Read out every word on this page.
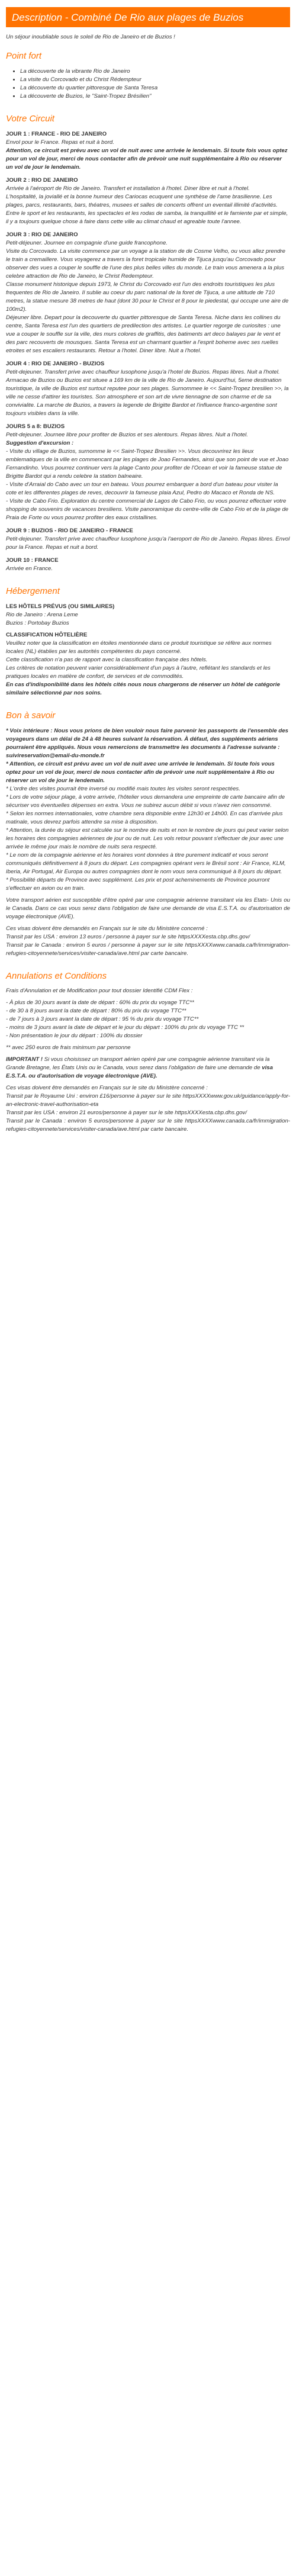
Description - Combiné De Rio aux plages de Buzios

Un séjour inoubliable sous le soleil de Rio de Janeiro et de Buzios !

Point fort
• La découverte de la vibrante Rio de Janeiro
• La visite du Corcovado et du Christ Rédempteur
• La découverte du quartier pittoresque de Santa Teresa
• La découverte de Buzios, le "Saint-Tropez Brésilien"
Votre Circuit

JOUR 1 : FRANCE - RIO DE JANEIRO

Envol pour le France. Repas et nuit à bord.

Attention, ce circuit est prévu avec un vol de nuit avec une arrivée le lendemain. Si toute fois vous optez pour un vol de jour, merci de nous contacter afin de prévoir une nuit supplémentaire à Rio ou réserver un vol de jour le lendemain.

JOUR 2 : RIO DE JANEIRO

Arrivée à l'aéroport de Rio de Janeiro. Transfert et installation à l'hotel. Diner libre et nuit à l'hotel.

L'hospitalité, la joviallé et la bonne humeur des Cariocas ecuquent une synthèse de l'ame brasilienne. Les plages, parcs, restaurants, bars, théatres, musees et salles de concerts offrent un eventail illimité d'activités. Entre le sport et les restaurants, les spectacles et les rodas de samba, la tranquillité et le farniente par et simple, il y a toujours quelque chose à faire dans cette ville au climat chaud et agreable toute l'annee.

JOUR 3 : RIO DE JANEIRO

Petit-déjeuner. Journee en compagnie d'une guide francophone.

Visite du Corcovado. La visite commence par un voyage a la station de de Cosme Velho, ou vous allez prendre le train a cremaillere. Vous voyagerez a travers la foret tropicale humide de Tijuca jusqu'au Corcovado pour observer des vues a couper le souffle de l'une des plus belles villes du monde. Le train vous amenera a la plus celebre attraction de Rio de Janeiro, le Christ Redempteur.

Classe monument historique depuis 1973, le Christ du Corcovado est l'un des endroits touristiques les plus frequentes de Rio de Janeiro. Il sublie au coeur du parc national de la foret de Tijuca, a une altitude de 710 metres, la statue mesure 38 metres de haut (dont 30 pour le Christ et 8 pour le piedestal, qui occupe une aire de 100m2).

Déjeuner libre. Depart pour la decouverte du quartier pittoresque de Santa Teresa. Niche dans les collines du centre, Santa Teresa est l'un des quartiers de predilection des artistes. Le quartier regorge de curiosites : une vue a couper le souffle sur la ville, des murs colores de graffitis, des batiments art deco balayes par le vent et des parc recouverts de mousques. Santa Teresa est un charmant quartier a l'esprit boheme avec ses ruelles etroites et ses escaliers restaurants. Retour a l'hotel. Diner libre. Nuit a l'hotel.

JOUR 4 : RIO DE JANEIRO - BUZIOS

Petit-dejeuner. Transfert prive avec chauffeur lusophone jusqu'a l'hotel de Buzios. Repas libres. Nuit a l'hotel.

Armacao de Buzios ou Buzios est situee a 169 km de la ville de Rio de Janeiro. Aujourd'hui, 5eme destination touristique, la ville de Buzios est surtout reputee pour ses plages. Surnommee le << Saint-Tropez bresilien >>, la ville ne cesse d'attirer les touristes. Son atmosphere et son art de vivre tiennagne de son charme et de sa convivialite. La marche de Buzios, a travers la legende de Brigitte Bardot et l'influence franco-argentine sont toujours visibles dans la ville.

JOURS 5 a 8: BUZIOS

Petit-dejeuner. Journee libre pour profiter de Buzios et ses alentours. Repas libres. Nuit a l'hotel.

Suggestion d'excursion :

- Visite du village de Buzios, surnomme le << Saint-Tropez Bresilien >>. Vous decouvrirez les lieux emblematiques de la ville en commencant par les plages de Joao Fernandes, ainsi que son point de vue et Joao Fernandinho. Vous pourrez continuer vers la plage Canto pour profiter de l'Ocean et voir la fameuse statue de Brigitte Bardot qui a rendu celebre la station balneaire.

- Visite d'Arraial do Cabo avec un tour en bateau. Vous pourrez embarquer a bord d'un bateau pour visiter la cote et les differentes plages de reves, decouvrir la fameuse plaia Azul, Pedro do Macaco et Ronda de NS.

- Visite de Cabo Frio. Exploration du centre commercial de Lagos de Cabo Frio, ou vous pourrez effectuer votre shopping de souvenirs de vacances bresiliens. Visite panoramique du centre-ville de Cabo Frio et de la plage de Praia de Forte ou vous pourrez profiter des eaux cristallines.

JOUR 9 : BUZIOS - RIO DE JANEIRO - FRANCE

Petit-dejeuner. Transfert prive avec chauffeur lusophone jusqu'a l'aeroport de Rio de Janeiro. Repas libres. Envol pour la France. Repas et nuit a bord.

JOUR 10 : FRANCE

Arrivée en France.

Hébergement

LES HÔTELS PRÉVUS (OU SIMILAIRES)

Rio de Janeiro : Arena Leme

Buzios : Portobay Buzios

CLASSIFICATION HÔTELIÈRE

Veuillez noter que la classification en étoiles mentionnée dans ce produit touristique se réfère aux normes locales (NL) établies par les autorités compétentes du pays concerné.

Cette classification n'a pas de rapport avec la classification française des hôtels.

Les critères de notation peuvent varier considérablement d'un pays à l'autre, reflétant les standards et les pratiques locales en matière de confort, de services et de commodités.

En cas d'indisponibilité dans les hôtels cités nous nous chargerons de réserver un hôtel de catégorie similaire sélectionné par nos soins.

Bon à savoir

* Voix intérieure : Nous vous prions de bien vouloir nous faire parvenir les passeports de l'ensemble des voyageurs dans un délai de 24 à 48 heures suivant la réservation. À défaut, des suppléments aériens pourraient être appliqués. Nous vous remercions de transmettre les documents à l'adresse suivante :

suivireservation@email-du-monde.fr

* Attention, ce circuit est prévu avec un vol de nuit avec une arrivée le lendemain. Si toute fois vous optez pour un vol de jour, merci de nous contacter afin de prévoir une nuit supplémentaire à Rio ou réserver un vol de jour le lendemain.

* L'ordre des visites pourrait être inversé ou modifié mais toutes les visites seront respectées.

* Lors de votre séjour plage, à votre arrivée, l'hôtelier vous demandera une empreinte de carte bancaire afin de sécuriser vos éventuelles dépenses en extra. Vous ne subirez aucun débit si vous n'avez rien consommé.

* Selon les normes internationales, votre chambre sera disponible entre 12h30 et 14h00. En cas d'arrivée plus matinale, vous devrez parfois attendre sa mise à disposition.

* Attention, la durée du séjour est calculée sur le nombre de nuits et non le nombre de jours qui peut varier selon les horaires des compagnies aériennes de jour ou de nuit. Les vols retour pouvant s'effectuer de jour avec une arrivée le même jour mais le nombre de nuits sera respecté.

* Le nom de la compagnie aérienne et les horaires vont données à titre purement indicatif et vous seront communiqués définitivement à 8 jours du départ. Les compagnies opérant vers le Brésil sont : Air France, KLM, Iberia, Air Portugal, Air Europa ou autres compagnies dont le nom vous sera communiqué à 8 jours du départ.

* Possibilité départs de Province avec supplément. Les prix et post acheminements de Province pourront s'effectuer en avion ou en train.

Votre transport aérien est susceptible d'être opéré par une compagnie aérienne transitant via les Etats- Unis ou le Canada. Dans ce cas vous serez dans l'obligation de faire une demande de visa E.S.T.A. ou d'autorisation de voyage électronique (AVE).

Ces visas doivent être demandés en Français sur le site du Ministère concerné :

Transit par les USA : environ 13 euros / personne à payer sur le site httpsXXXXesta.cbp.dhs.gov/

Transit par le Canada : environ 5 euros / personne à payer sur le site httpsXXXXwww.canada.ca/fr/immigration-refugies-citoyennete/services/visiter-canada/ave.html par carte bancaire.

Annulations et Conditions

Frais d'Annulation et de Modification pour tout dossier Identifié CDM Flex :

- À plus de 30 jours avant la date de départ : 60% du prix du voyage TTC**

- de 30 à 8 jours avant la date de départ : 80% du prix du voyage TTC**

- de 7 jours à 3 jours avant la date de départ : 95 % du prix du voyage TTC**

- moins de 3 jours avant la date de départ et le jour du départ : 100% du prix du voyage TTC **

- Non présentation le jour du départ : 100% du dossier

** avec 250 euros de frais minimum par personne

IMPORTANT ! Si vous choisissez un transport aérien opéré par une compagnie aérienne transitant via la Grande Bretagne, les États Unis ou le Canada, vous serez dans l'obligation de faire une demande de visa E.S.T.A. ou d'autorisation de voyage électronique (AVE).

Ces visas doivent être demandés en Français sur le site du Ministère concerné :

Transit par le Royaume Uni : environ £16/personne à payer sur le site httpsXXXXwww.gov.uk/guidance/apply-for-an-electronic-travel-authorisation-eta

Transit par les USA : environ 21 euros/personne à payer sur le site httpsXXXXesta.cbp.dhs.gov/

Transit par le Canada : environ 5 euros/personne à payer sur le site httpsXXXXwww.canada.ca/fr/immigration-refugies-citoyennete/services/visiter-canada/ave.html par carte bancaire.
